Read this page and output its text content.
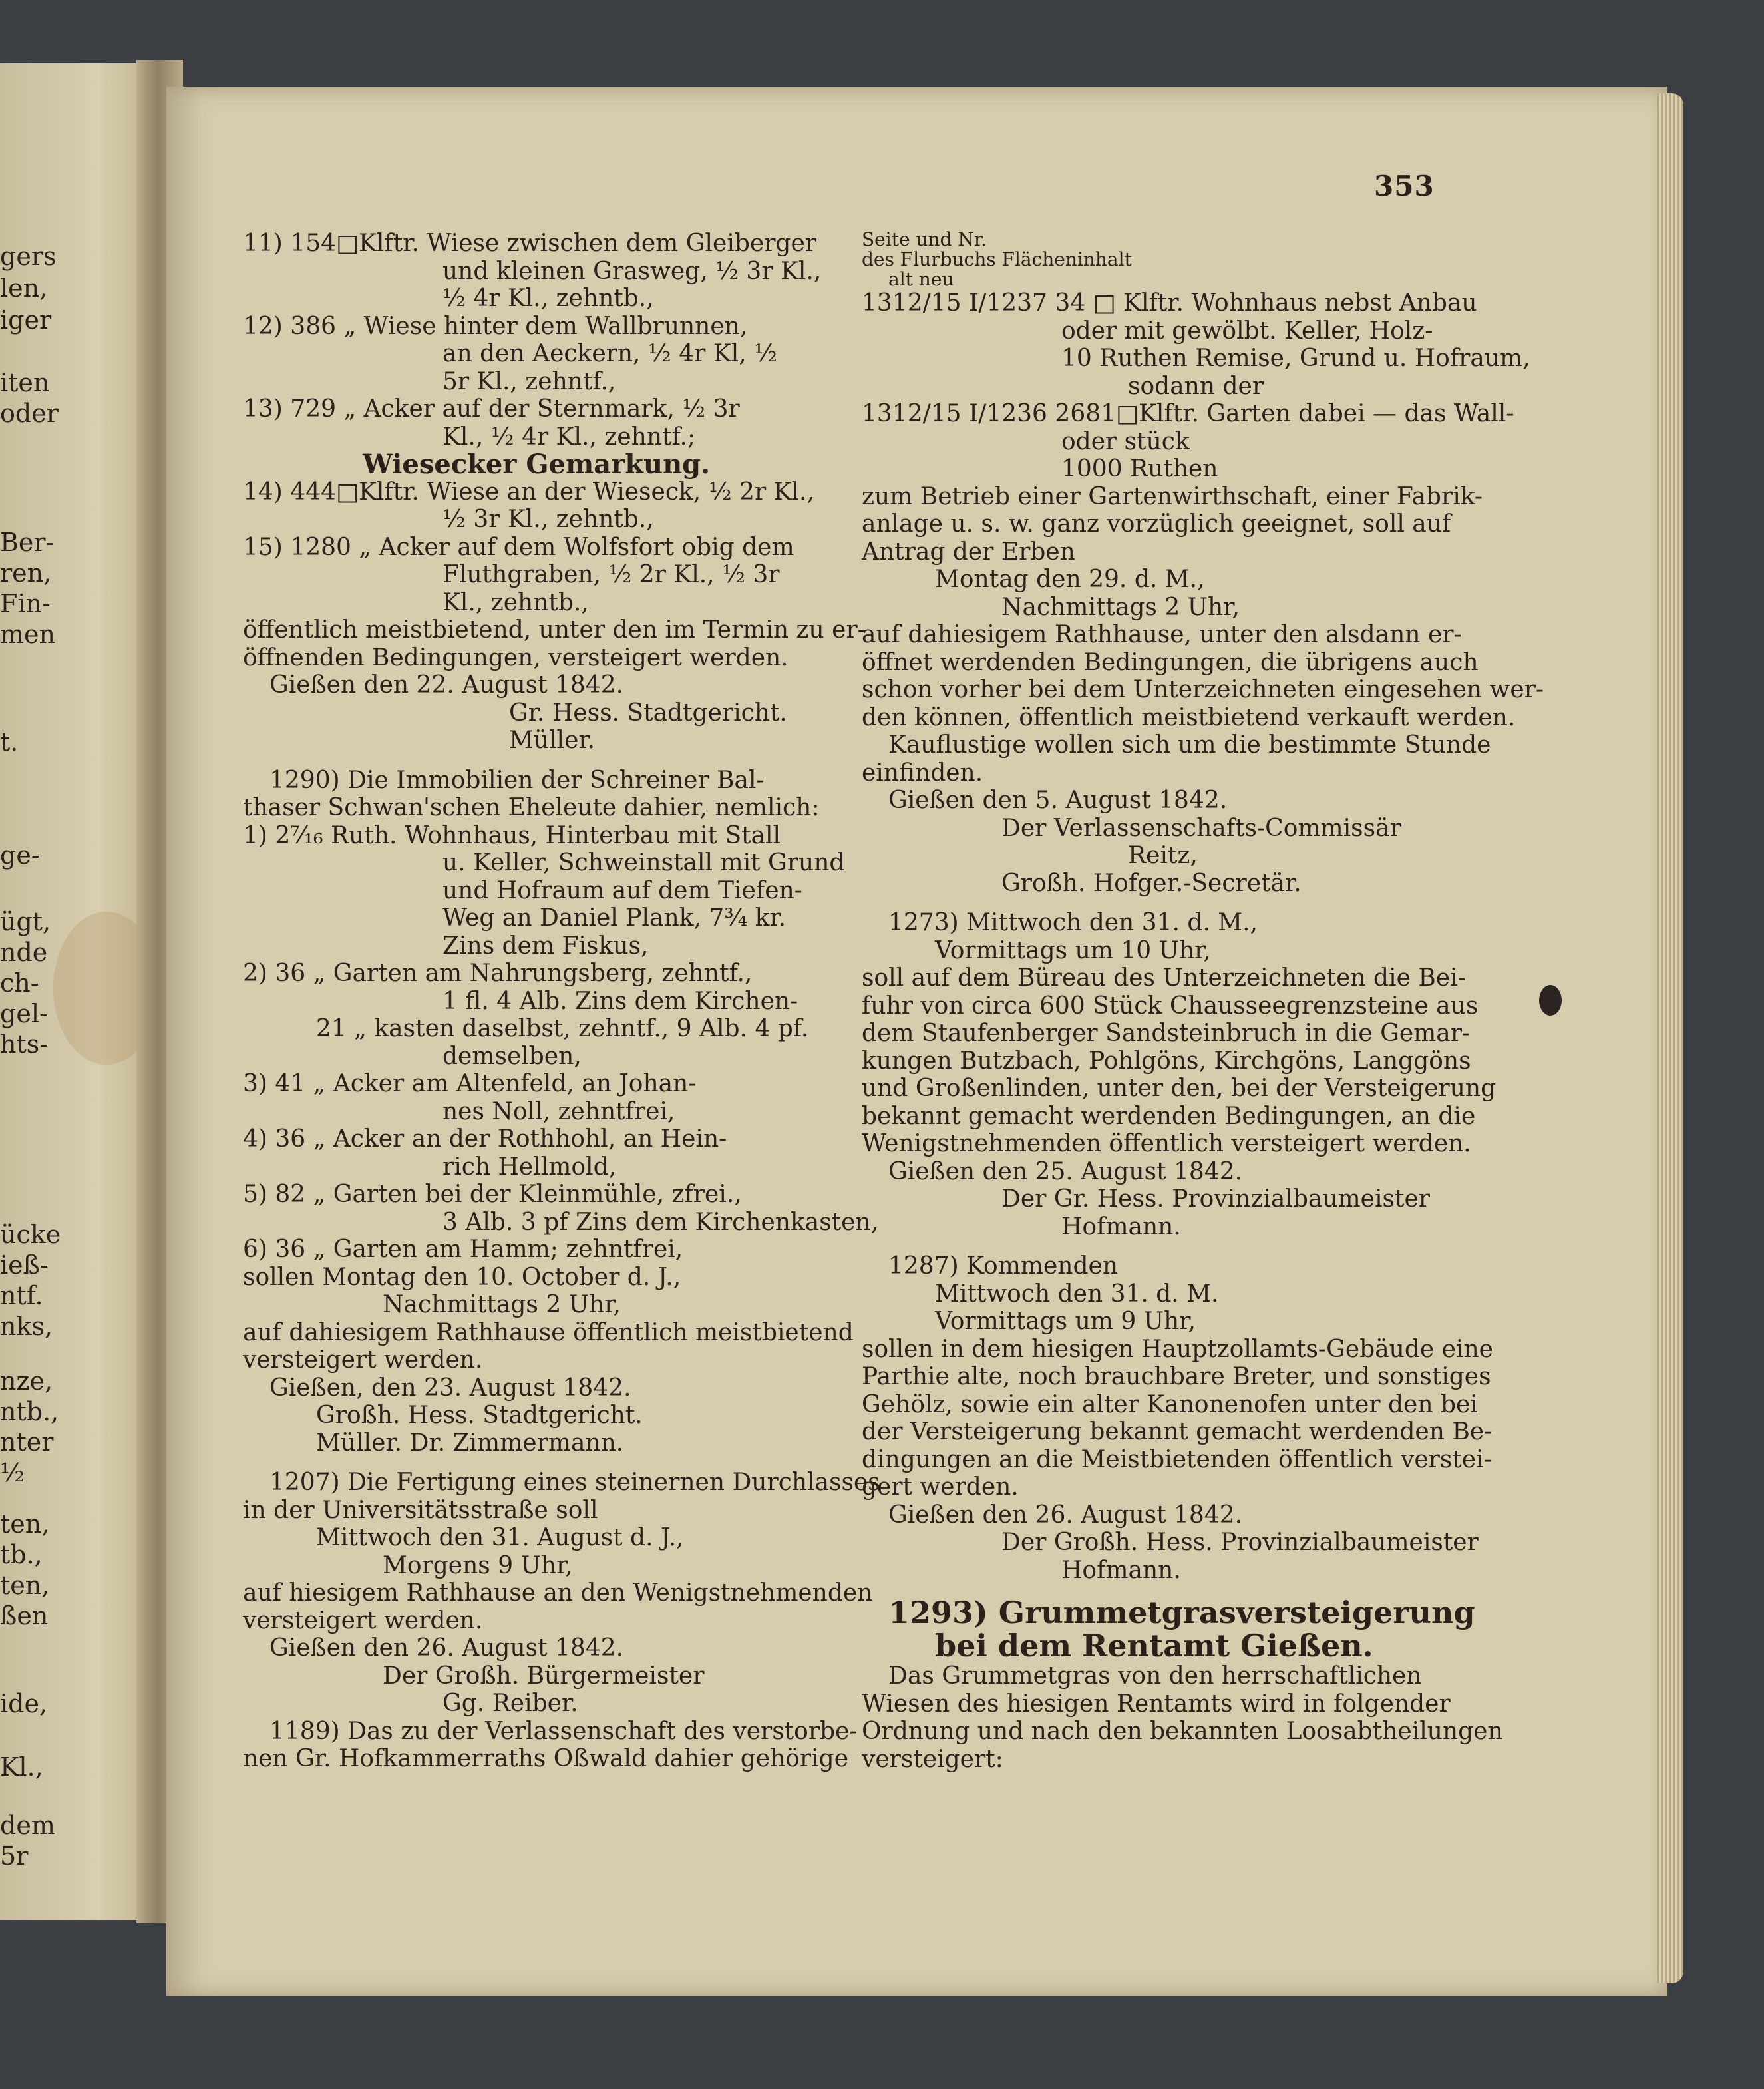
gers
len,
iger
iten
oder
Ber-
ren,
Fin-
men
t.
ge-
ügt,
nde
ch-
gel-
hts-
ücke
ieß-
ntf.
nks,
nze,
ntb.,
nter
½
ten,
tb.,
ten,
ßen
ide,
Kl.,
dem
5r
353
11) 154□Klftr. Wiese zwischen dem Gleiberger
und kleinen Grasweg, ½ 3r Kl.,
½ 4r Kl., zehntb.,
12) 386 „ Wiese hinter dem Wallbrunnen,
an den Aeckern, ½ 4r Kl, ½
5r Kl., zehntf.,
13) 729 „ Acker auf der Sternmark, ½ 3r
Kl., ½ 4r Kl., zehntf.;
Wiesecker Gemarkung.
14) 444□Klftr. Wiese an der Wieseck, ½ 2r Kl.,
½ 3r Kl., zehntb.,
15) 1280 „ Acker auf dem Wolfsfort obig dem
Fluthgraben, ½ 2r Kl., ½ 3r
Kl., zehntb.,
öffentlich meistbietend, unter den im Termin zu er-
öffnenden Bedingungen, versteigert werden.
Gießen den 22. August 1842.
Gr. Hess. Stadtgericht.
Müller.
1290) Die Immobilien der Schreiner Bal-
thaser Schwan'schen Eheleute dahier, nemlich:
1) 2⁷⁄₁₆ Ruth. Wohnhaus, Hinterbau mit Stall
u. Keller, Schweinstall mit Grund
und Hofraum auf dem Tiefen-
Weg an Daniel Plank, 7¾ kr.
Zins dem Fiskus,
2) 36 „ Garten am Nahrungsberg, zehntf.,
1 fl. 4 Alb. Zins dem Kirchen-
21 „ kasten daselbst, zehntf., 9 Alb. 4 pf.
demselben,
3) 41 „ Acker am Altenfeld, an Johan-
nes Noll, zehntfrei,
4) 36 „ Acker an der Rothhohl, an Hein-
rich Hellmold,
5) 82 „ Garten bei der Kleinmühle, zfrei.,
3 Alb. 3 pf Zins dem Kirchenkasten,
6) 36 „ Garten am Hamm; zehntfrei,
sollen Montag den 10. October d. J.,
Nachmittags 2 Uhr,
auf dahiesigem Rathhause öffentlich meistbietend
versteigert werden.
Gießen, den 23. August 1842.
Großh. Hess. Stadtgericht.
Müller. Dr. Zimmermann.
1207) Die Fertigung eines steinernen Durchlasses
in der Universitätsstraße soll
Mittwoch den 31. August d. J.,
Morgens 9 Uhr,
auf hiesigem Rathhause an den Wenigstnehmenden
versteigert werden.
Gießen den 26. August 1842.
Der Großh. Bürgermeister
Gg. Reiber.
1189) Das zu der Verlassenschaft des verstorbe-
nen Gr. Hofkammerraths Oßwald dahier gehörige
Seite und Nr.
des Flurbuchs Flächeninhalt
alt neu
1312/15 I/1237 34 □ Klftr. Wohnhaus nebst Anbau
oder mit gewölbt. Keller, Holz-
10 Ruthen Remise, Grund u. Hofraum,
sodann der
1312/15 I/1236 2681□Klftr. Garten dabei — das Wall-
oder stück
1000 Ruthen
zum Betrieb einer Gartenwirthschaft, einer Fabrik-
anlage u. s. w. ganz vorzüglich geeignet, soll auf
Antrag der Erben
Montag den 29. d. M.,
Nachmittags 2 Uhr,
auf dahiesigem Rathhause, unter den alsdann er-
öffnet werdenden Bedingungen, die übrigens auch
schon vorher bei dem Unterzeichneten eingesehen wer-
den können, öffentlich meistbietend verkauft werden.
Kauflustige wollen sich um die bestimmte Stunde
einfinden.
Gießen den 5. August 1842.
Der Verlassenschafts-Commissär
Reitz,
Großh. Hofger.-Secretär.
1273) Mittwoch den 31. d. M.,
Vormittags um 10 Uhr,
soll auf dem Büreau des Unterzeichneten die Bei-
fuhr von circa 600 Stück Chausseegrenzsteine aus
dem Staufenberger Sandsteinbruch in die Gemar-
kungen Butzbach, Pohlgöns, Kirchgöns, Langgöns
und Großenlinden, unter den, bei der Versteigerung
bekannt gemacht werdenden Bedingungen, an die
Wenigstnehmenden öffentlich versteigert werden.
Gießen den 25. August 1842.
Der Gr. Hess. Provinzialbaumeister
Hofmann.
1287) Kommenden
Mittwoch den 31. d. M.
Vormittags um 9 Uhr,
sollen in dem hiesigen Hauptzollamts-Gebäude eine
Parthie alte, noch brauchbare Breter, und sonstiges
Gehölz, sowie ein alter Kanonenofen unter den bei
der Versteigerung bekannt gemacht werdenden Be-
dingungen an die Meistbietenden öffentlich verstei-
gert werden.
Gießen den 26. August 1842.
Der Großh. Hess. Provinzialbaumeister
Hofmann.
1293) Grummetgrasversteigerung
bei dem Rentamt Gießen.
Das Grummetgras von den herrschaftlichen
Wiesen des hiesigen Rentamts wird in folgender
Ordnung und nach den bekannten Loosabtheilungen
versteigert:
